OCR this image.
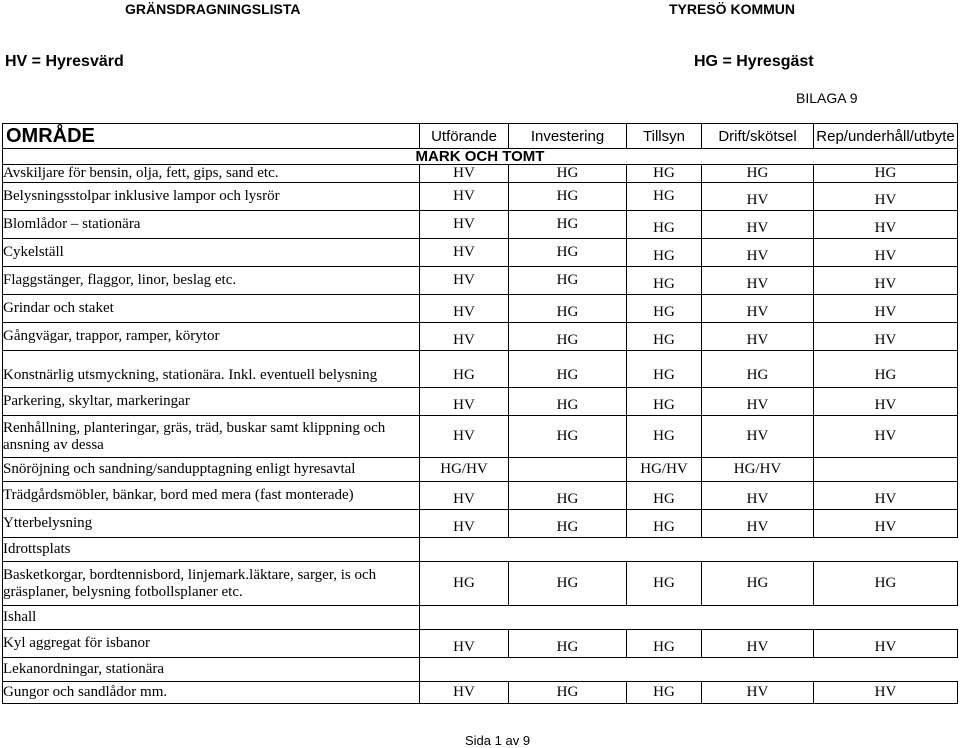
GRÄNSDRAGNINGSLISTA	TYRESÖ KOMMUN
HV = Hyresvärd	HG = Hyresgäst
BILAGA 9
OMRÅDE	Utförande	Investering	Tillsyn	Drift/skötsel	Rep/underhåll/utbyte
MARK OCH TOMT					
Avskiljare för bensin, olja, fett, gips, sand etc.	HV	HG	HG	HG	HG
Belysningsstolpar inklusive lampor och lysrör	HV	HG	HG	HV	HV
Blomlådor – stationära	HV	HG	HG	HV	HV
Cykelställ	HV	HG	HG	HV	HV
Flaggstänger, flaggor, linor, beslag etc.	HV	HG	HG	HV	HV
Grindar och staket	HV	HG	HG	HV	HV
Gångvägar, trappor, ramper, körytor	HV	HG	HG	HV	HV
Konstnärlig utsmyckning, stationära. Inkl. eventuell belysning	HG	HG	HG	HG	HG
Parkering, skyltar, markeringar	HV	HG	HG	HV	HV
Renhållning, planteringar, gräs, träd, buskar samt klippning och ansning av dessa	HV	HG	HG	HV	HV
Snöröjning och sandning/sandupptagning enligt hyresavtal	HG/HV		HG/HV	HG/HV	
Trädgårdsmöbler, bänkar, bord med mera (fast monterade)	HV	HG	HG	HV	HV
Ytterbelysning	HV	HG	HG	HV	HV
Idrottsplats					
Basketkorgar, bordtennisbord, linjemark.läktare, sarger, is och gräsplaner, belysning fotbollsplaner etc.	HG	HG	HG	HG	HG
Ishall					
Kyl aggregat för isbanor	HV	HG	HG	HV	HV
Lekanordningar, stationära					
Gungor och sandlådor mm.	HV	HG	HG	HV	HV
Sida 1 av 9
